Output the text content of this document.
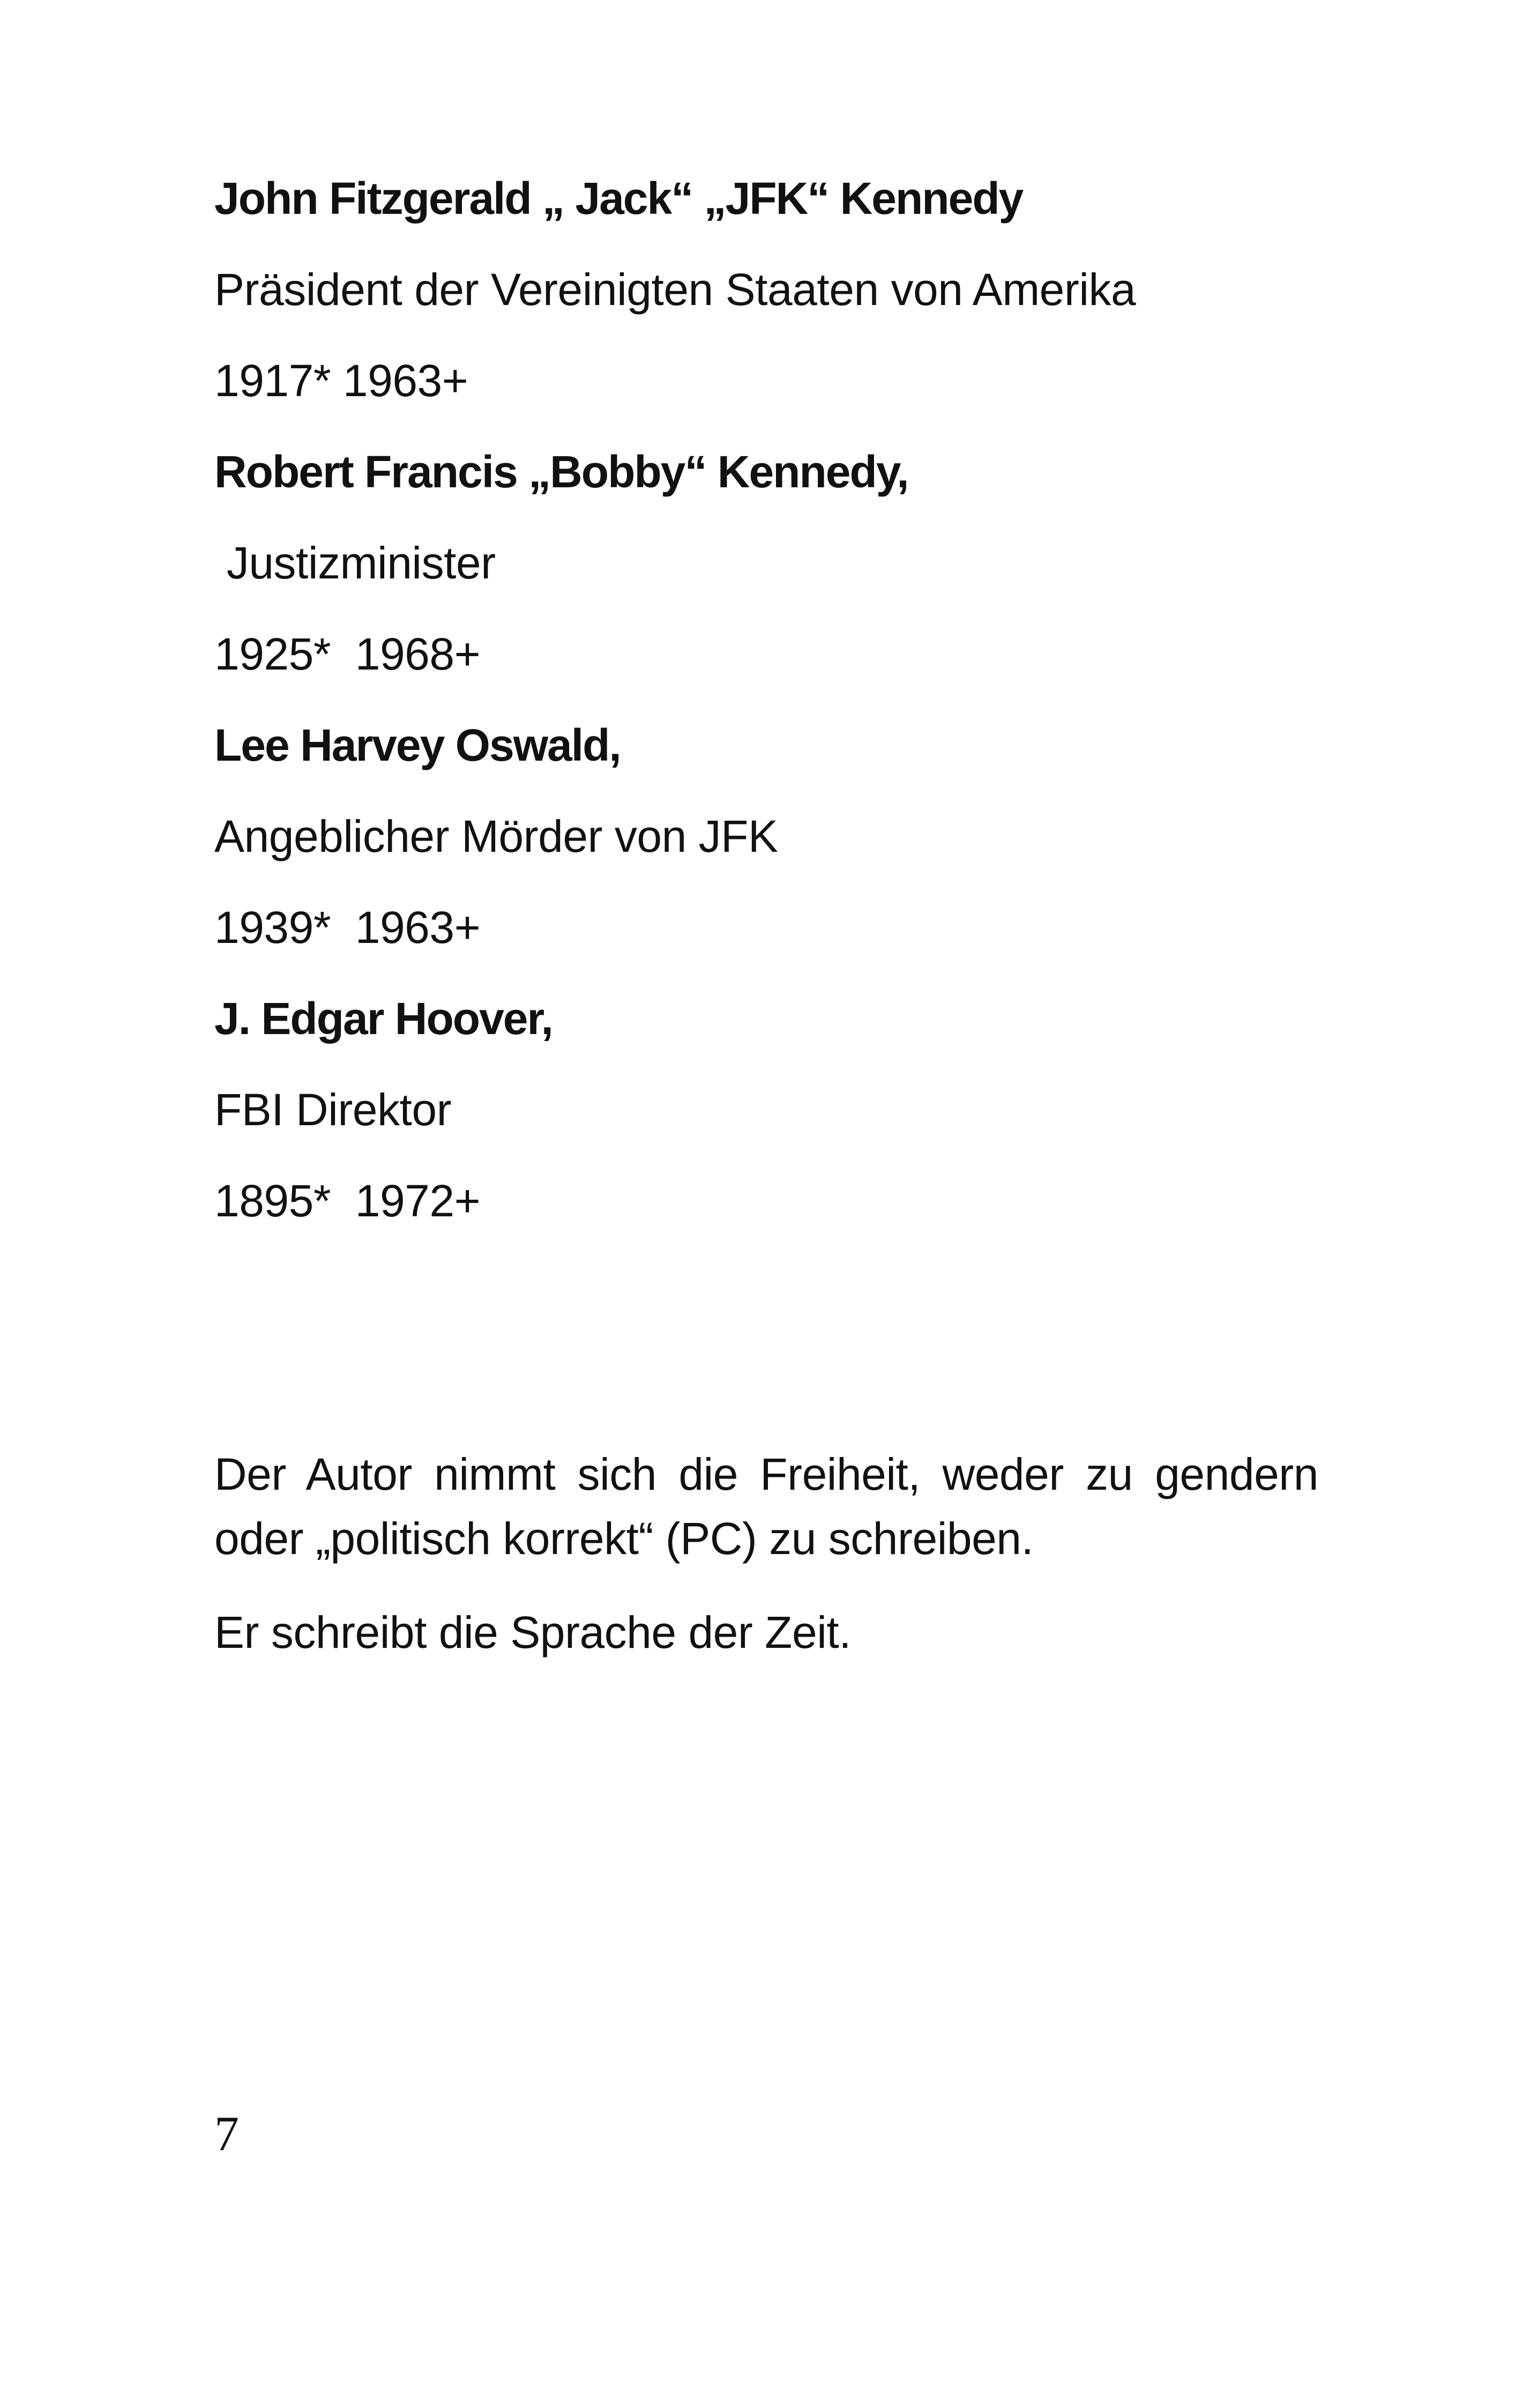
John Fitzgerald „ Jack“ „JFK“ Kennedy
Präsident der Vereinigten Staaten von Amerika
1917* 1963+
Robert Francis „Bobby“ Kennedy,
Justizminister
1925*  1968+
Lee Harvey Oswald,
Angeblicher Mörder von JFK
1939*  1963+
J. Edgar Hoover,
FBI Direktor
1895*  1972+
Der Autor nimmt sich die Freiheit, weder zu gendern oder „politisch korrekt“ (PC) zu schreiben.
Er schreibt die Sprache der Zeit.
7
